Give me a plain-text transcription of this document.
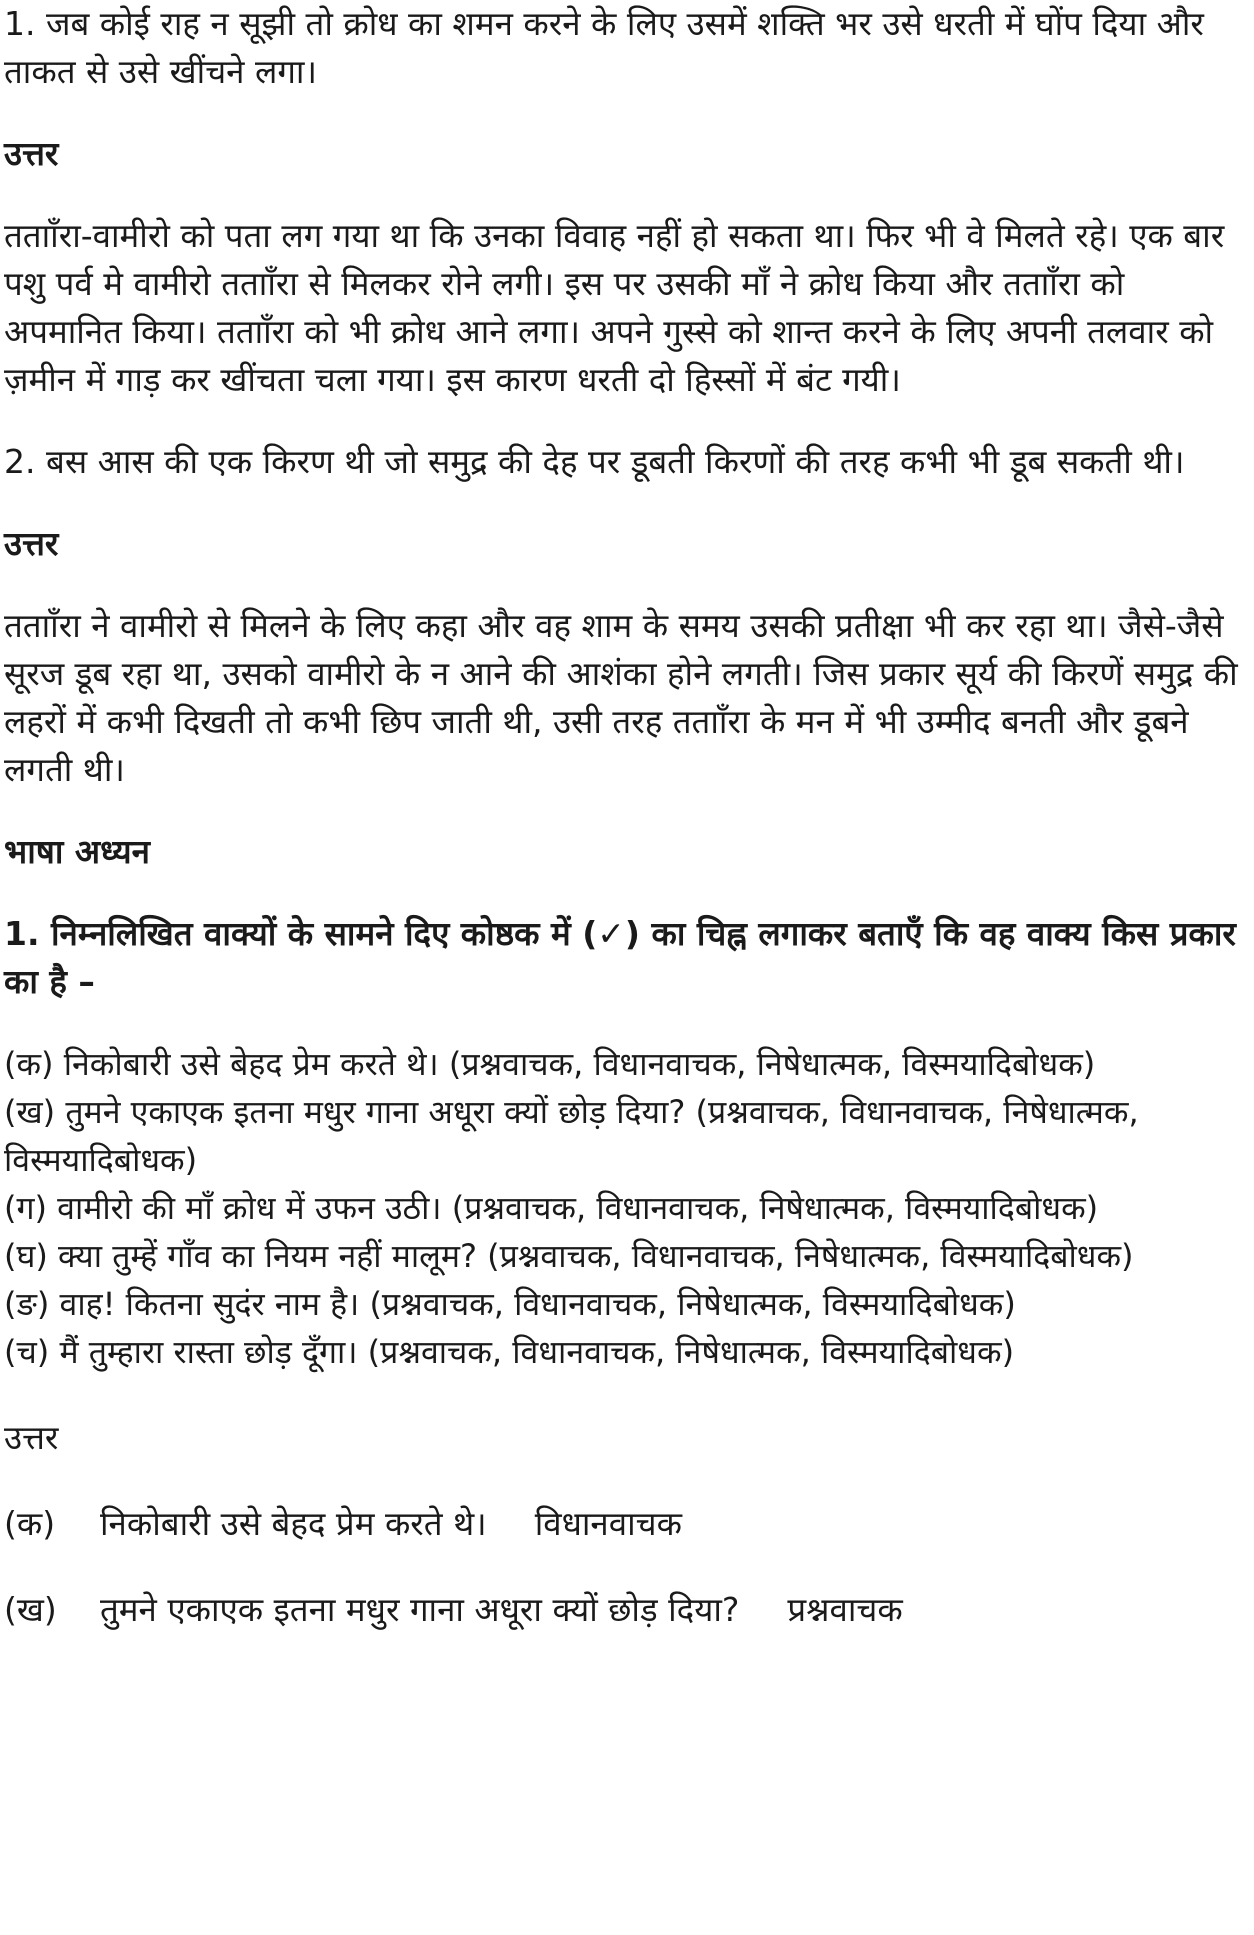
1. जब कोई राह न सूझी तो क्रोध का शमन करने के लिए उसमें शक्ति भर उसे धरती में घोंप दिया और ताकत से उसे खींचने लगा।

उत्तर

ततााँरा-वामीरो को पता लग गया था कि उनका विवाह नहीं हो सकता था। फिर भी वे मिलते रहे। एक बार पशु पर्व मे वामीरो ततााँरा से मिलकर रोने लगी। इस पर उसकी माँ ने क्रोध किया और ततााँरा को अपमानित किया। ततााँरा को भी क्रोध आने लगा। अपने गुस्से को शान्त करने के लिए अपनी तलवार को ज़मीन में गाड़ कर खींचता चला गया। इस कारण धरती दो हिस्सों में बंट गयी।

2. बस आस की एक किरण थी जो समुद्र की देह पर डूबती किरणों की तरह कभी भी डूब सकती थी।

उत्तर

ततााँरा ने वामीरो से मिलने के लिए कहा और वह शाम के समय उसकी प्रतीक्षा भी कर रहा था। जैसे-जैसे सूरज डूब रहा था, उसको वामीरो के न आने की आशंका होने लगती। जिस प्रकार सूर्य की किरणें समुद्र की लहरों में कभी दिखती तो कभी छिप जाती थी, उसी तरह ततााँरा के मन में भी उम्मीद बनती और डूबने लगती थी।

भाषा अध्यन

1. निम्नलिखित वाक्यों के सामने दिए कोष्ठक में (✓) का चिह्न लगाकर बताएँ कि वह वाक्य किस प्रकार का है –

(क) निकोबारी उसे बेहद प्रेम करते थे। (प्रश्नवाचक, विधानवाचक, निषेधात्मक, विस्मयादिबोधक)

(ख) तुमने एकाएक इतना मधुर गाना अधूरा क्यों छोड़ दिया? (प्रश्नवाचक, विधानवाचक, निषेधात्मक, विस्मयादिबोधक)

(ग) वामीरो की माँ क्रोध में उफन उठी। (प्रश्नवाचक, विधानवाचक, निषेधात्मक, विस्मयादिबोधक)

(घ) क्या तुम्हें गाँव का नियम नहीं मालूम? (प्रश्नवाचक, विधानवाचक, निषेधात्मक, विस्मयादिबोधक)

(ङ) वाह! कितना सुदंर नाम है। (प्रश्नवाचक, विधानवाचक, निषेधात्मक, विस्मयादिबोधक)

(च) मैं तुम्हारा रास्ता छोड़ दूँगा। (प्रश्नवाचक, विधानवाचक, निषेधात्मक, विस्मयादिबोधक)

उत्तर

(क)	निकोबारी उसे बेहद प्रेम करते थे। विधानवाचक
(ख)	तुमने एकाएक इतना मधुर गाना अधूरा क्यों छोड़ दिया? प्रश्नवाचक
